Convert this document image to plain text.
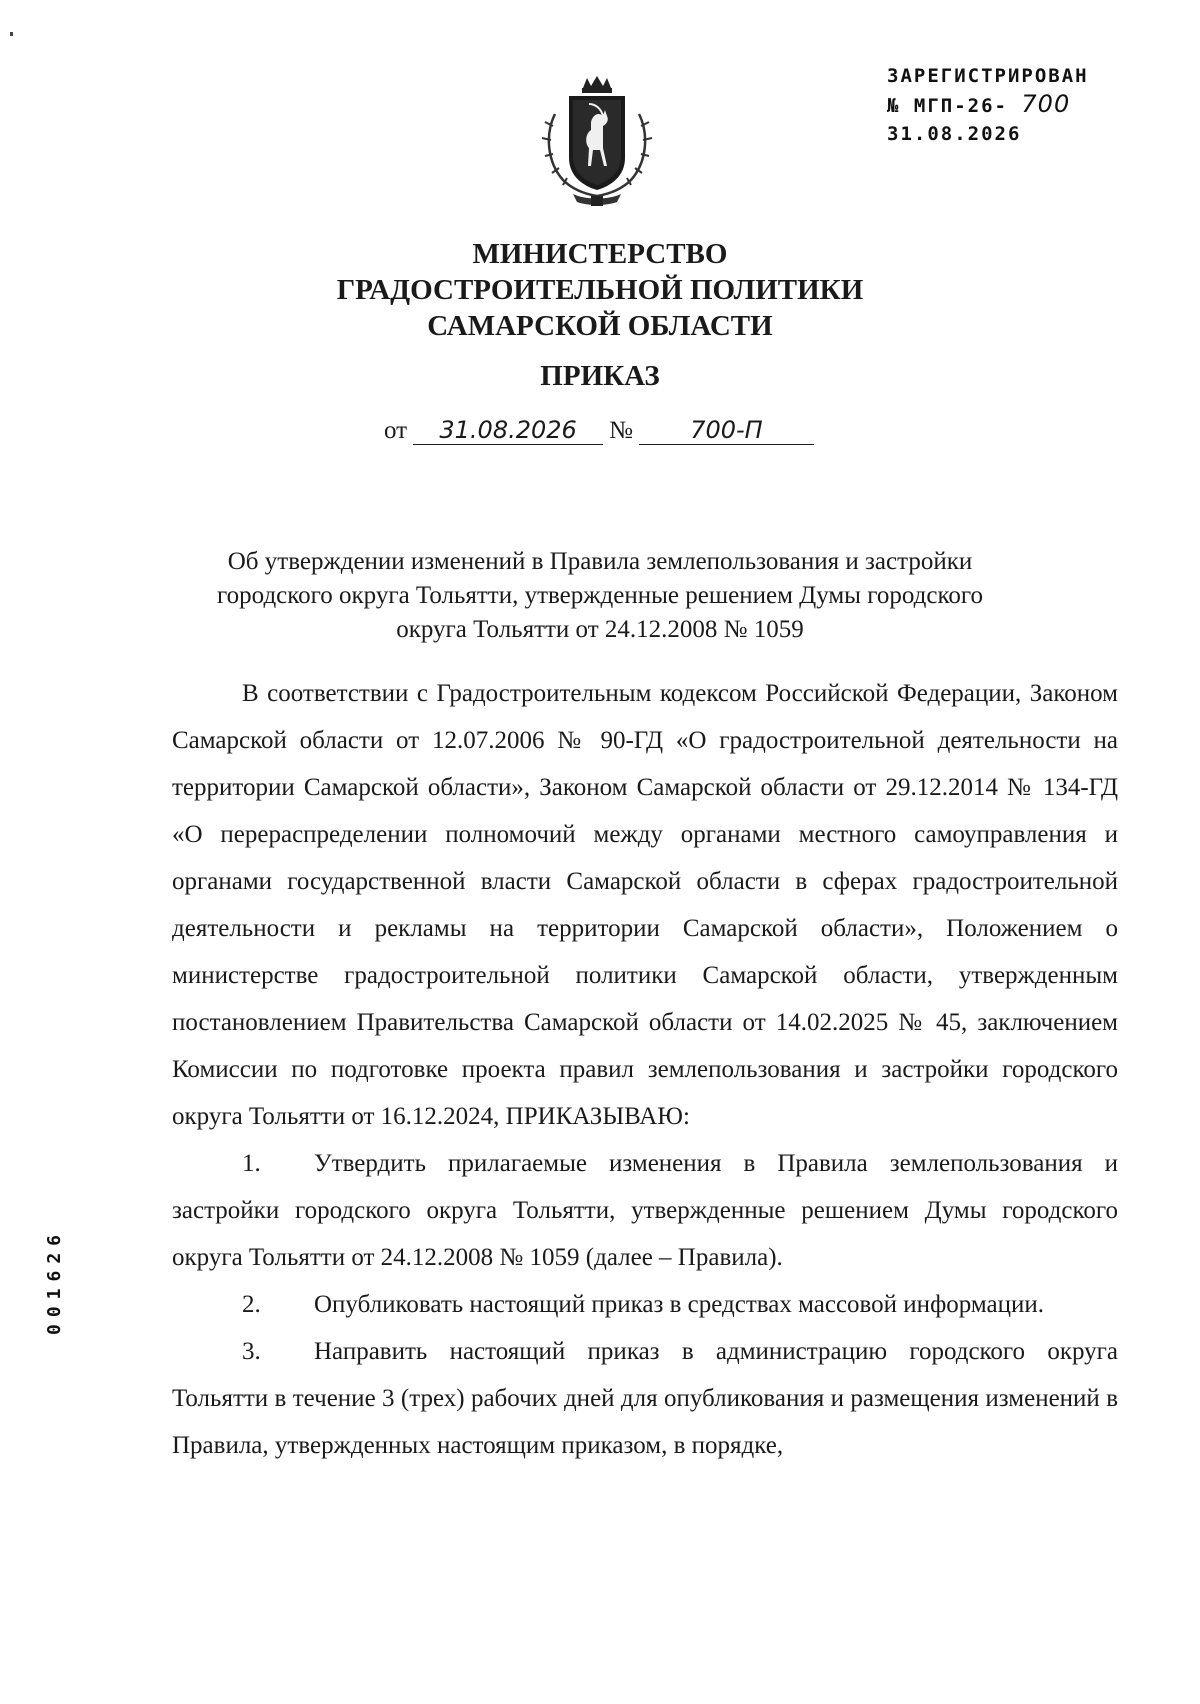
ЗАРЕГИСТРИРОВАН
№ МГП-26- 700
31.08.2026
МИНИСТЕРСТВО
ГРАДОСТРОИТЕЛЬНОЙ ПОЛИТИКИ
САМАРСКОЙ ОБЛАСТИ
ПРИКАЗ
от 31.08.2026 № 700-П
Об утверждении изменений в Правила землепользования и застройки
городского округа Тольятти, утвержденные решением Думы городского
округа Тольятти от 24.12.2008 № 1059

В соответствии с Градостроительным кодексом Российской Федерации, Законом Самарской области от 12.07.2006 № 90-ГД «О градостроительной деятельности на территории Самарской области», Законом Самарской области от 29.12.2014 № 134-ГД «О перераспределении полномочий между органами местного самоуправления и органами государственной власти Самарской области в сферах градостроительной деятельности и рекламы на территории Самарской области», Положением о министерстве градостроительной политики Самарской области, утвержденным постановлением Правительства Самарской области от 14.02.2025 № 45, заключением Комиссии по подготовке проекта правил землепользования и застройки городского округа Тольятти от 16.12.2024, ПРИКАЗЫВАЮ:

1. Утвердить прилагаемые изменения в Правила землепользования и застройки городского округа Тольятти, утвержденные решением Думы городского округа Тольятти от 24.12.2008 № 1059 (далее – Правила).

2. Опубликовать настоящий приказ в средствах массовой информации.

3. Направить настоящий приказ в администрацию городского округа Тольятти в течение 3 (трех) рабочих дней для опубликования и размещения изменений в Правила, утвержденных настоящим приказом, в порядке,

001626
